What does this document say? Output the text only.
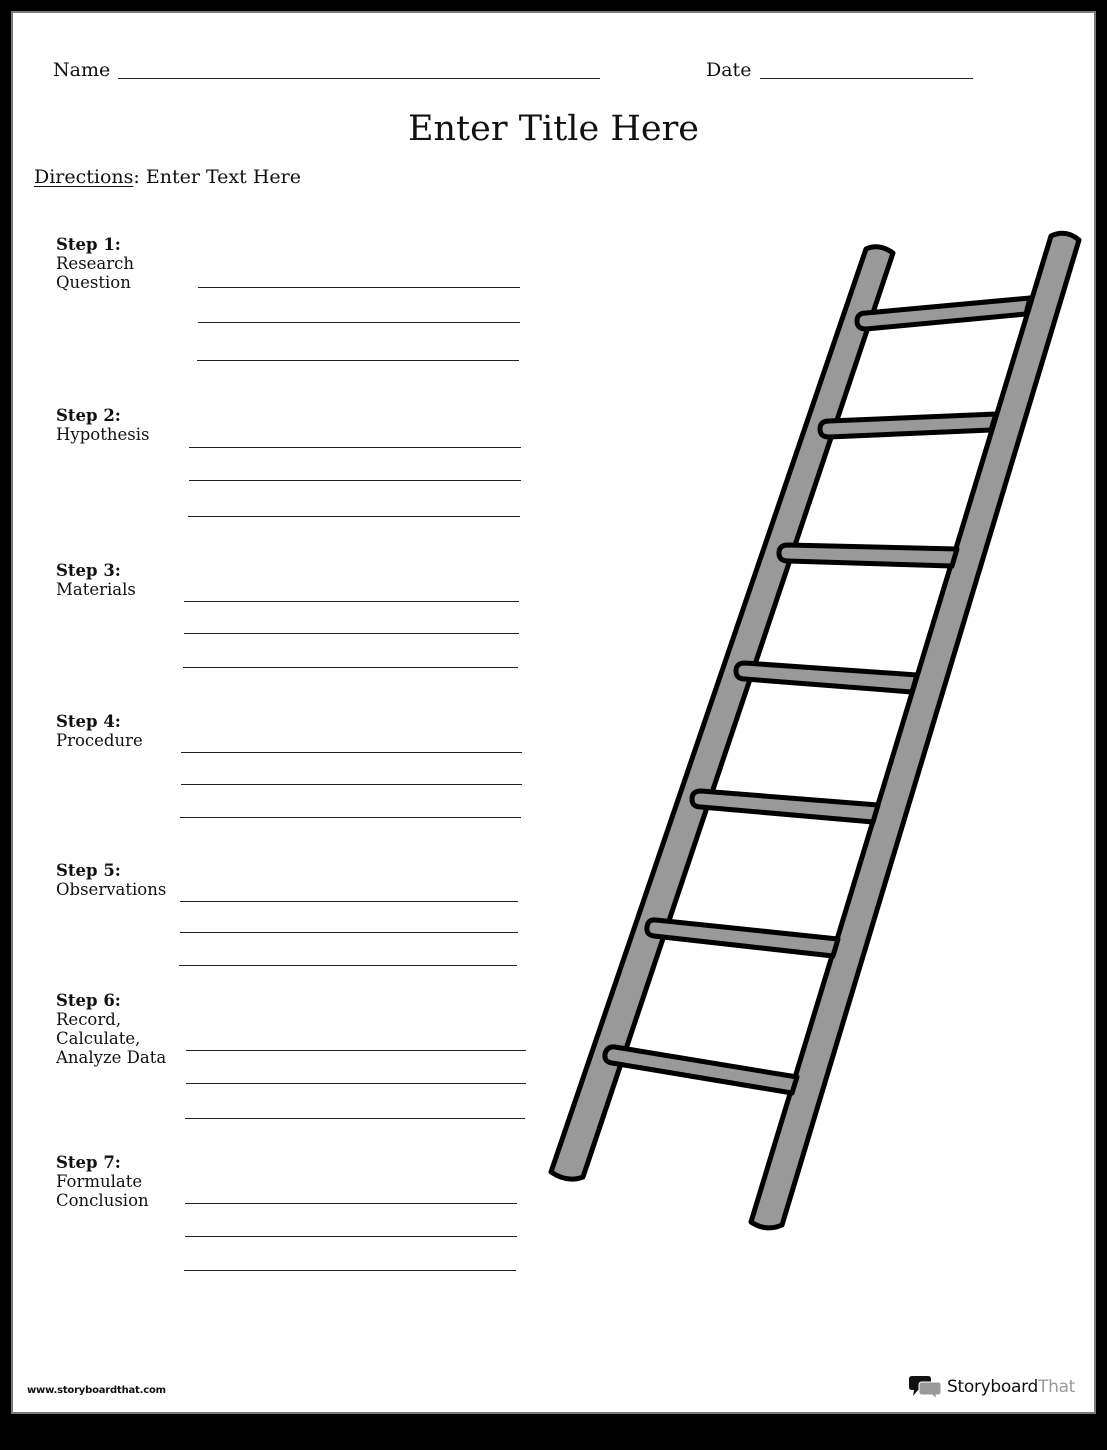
Name	Date
Enter Title Here
Directions: Enter Text Here
Step 1:
Research
Question
Step 2:
Hypothesis
Step 3:
Materials
Step 4:
Procedure
Step 5:
Observations
Step 6:
Record,
Calculate,
Analyze Data
Step 7:
Formulate
Conclusion
www.storyboardthat.com	Storyboard That
